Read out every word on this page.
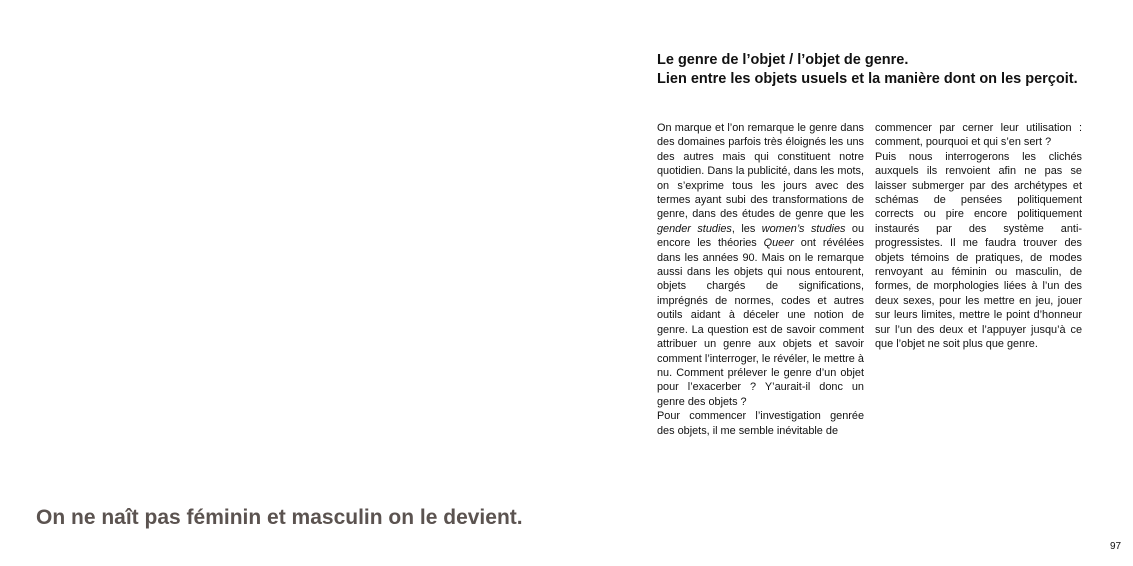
Le genre de l’objet / l’objet de genre.
Lien entre les objets usuels et la manière dont on les perçoit.

On marque et l’on remarque le genre dans des domaines parfois très éloignés les uns des autres mais qui constituent notre quotidien. Dans la publicité, dans les mots, on s’exprime tous les jours avec des termes ayant subi des transformations de genre, dans des études de genre que les gender studies, les women’s studies ou encore les théories Queer ont révélées dans les années 90. Mais on le remarque aussi dans les objets qui nous entourent, objets chargés de significations, imprégnés de normes, codes et autres outils aidant à déceler une notion de genre. La question est de savoir comment attribuer un genre aux objets et savoir comment l’interroger, le révéler, le mettre à nu. Comment prélever le genre d’un objet pour l’exacerber ? Y’aurait-il donc un genre des objets ?

Pour commencer l’investigation genrée des objets, il me semble inévitable de

commencer par cerner leur utilisation : comment, pourquoi et qui s’en sert ?

Puis nous interrogerons les clichés auxquels ils renvoient afin ne pas se laisser submerger par des archétypes et schémas de pensées politiquement corrects ou pire encore politiquement instaurés par des système anti-progressistes. Il me faudra trouver des objets témoins de pratiques, de modes renvoyant au féminin ou masculin, de formes, de morphologies liées à l’un des deux sexes, pour les mettre en jeu, jouer sur leurs limites, mettre le point d’honneur sur l’un des deux et l’appuyer jusqu’à ce que l’objet ne soit plus que genre.

On ne naît pas féminin et masculin on le devient.
97
